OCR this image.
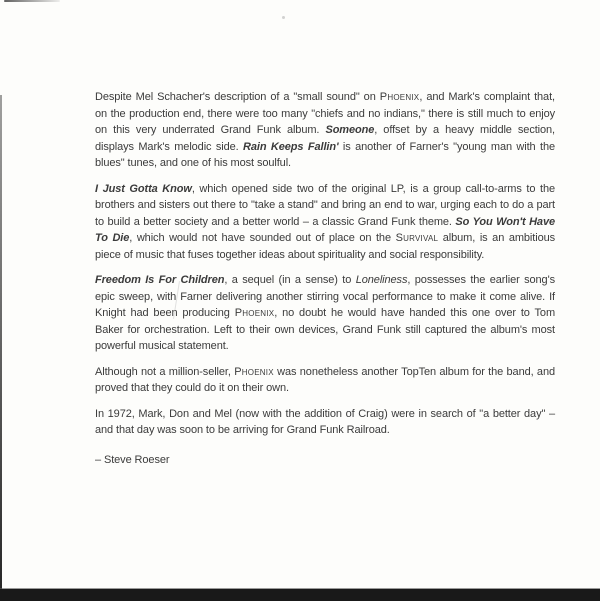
Despite Mel Schacher's description of a "small sound" on Phoenix, and Mark's complaint that, on the production end, there were too many "chiefs and no indians," there is still much to enjoy on this very underrated Grand Funk album. Someone, offset by a heavy middle section, displays Mark's melodic side. Rain Keeps Fallin' is another of Farner's "young man with the blues" tunes, and one of his most soulful.

I Just Gotta Know, which opened side two of the original LP, is a group call-to-arms to the brothers and sisters out there to "take a stand" and bring an end to war, urging each to do a part to build a better society and a better world – a classic Grand Funk theme. So You Won't Have To Die, which would not have sounded out of place on the Survival album, is an ambitious piece of music that fuses together ideas about spirituality and social responsibility.

Freedom Is For Children, a sequel (in a sense) to Loneliness, possesses the earlier song's epic sweep, with Farner delivering another stirring vocal performance to make it come alive. If Knight had been producing Phoenix, no doubt he would have handed this one over to Tom Baker for orchestration. Left to their own devices, Grand Funk still captured the album's most powerful musical statement.

Although not a million-seller, Phoenix was nonetheless another TopTen album for the band, and proved that they could do it on their own.

In 1972, Mark, Don and Mel (now with the addition of Craig) were in search of "a better day" – and that day was soon to be arriving for Grand Funk Railroad.

– Steve Roeser
